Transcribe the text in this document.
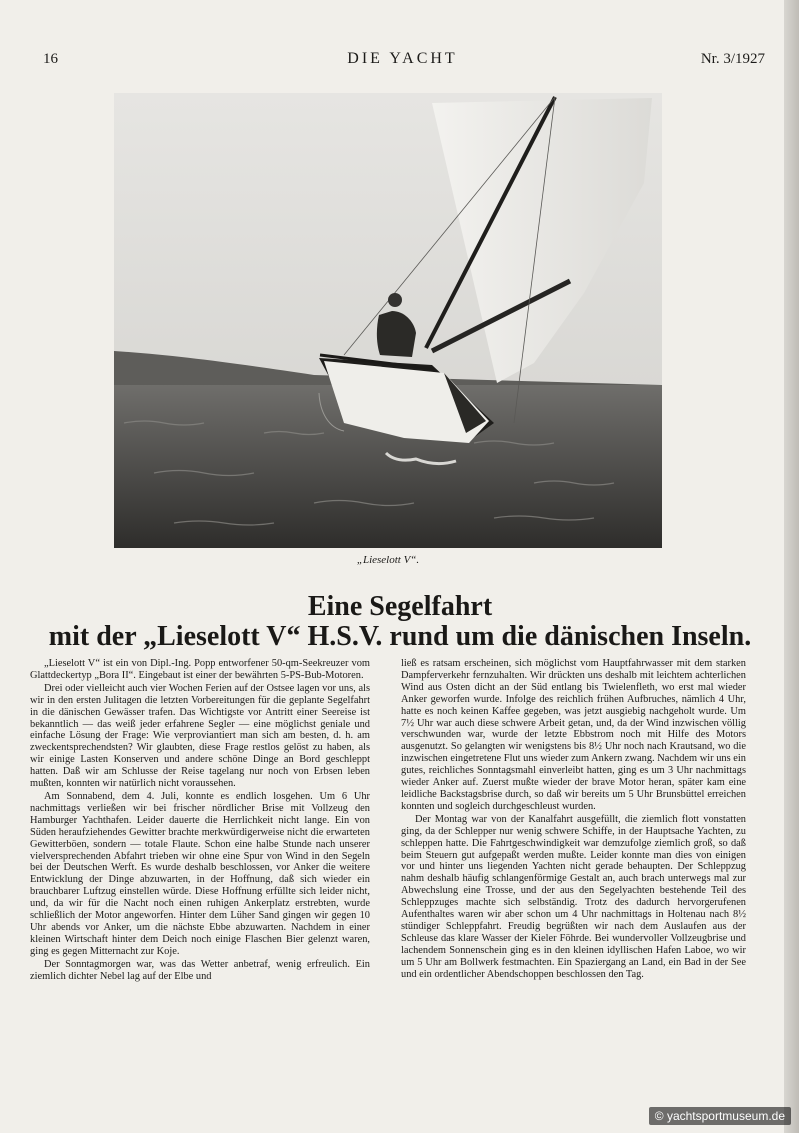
16	DIE YACHT	Nr. 3/1927
„Lieselott V“.
Eine Segelfahrt
mit der „Lieselott V“ H.S.V. rund um die dänischen Inseln.

„Lieselott V“ ist ein von Dipl.-Ing. Popp entworfener 50-qm-Seekreuzer vom Glattdeckertyp „Bora II“. Eingebaut ist einer der bewährten 5-PS-Bub-Motoren.

Drei oder vielleicht auch vier Wochen Ferien auf der Ostsee lagen vor uns, als wir in den ersten Julitagen die letzten Vorbereitungen für die geplante Segelfahrt in die dänischen Gewässer trafen. Das Wichtigste vor Antritt einer Seereise ist bekanntlich — das weiß jeder erfahrene Segler — eine möglichst geniale und einfache Lösung der Frage: Wie verproviantiert man sich am besten, d. h. am zweckentsprechendsten? Wir glaubten, diese Frage restlos gelöst zu haben, als wir einige Lasten Konserven und andere schöne Dinge an Bord geschleppt hatten. Daß wir am Schlusse der Reise tagelang nur noch von Erbsen leben mußten, konnten wir natürlich nicht voraussehen.

Am Sonnabend, dem 4. Juli, konnte es endlich losgehen. Um 6 Uhr nachmittags verließen wir bei frischer nördlicher Brise mit Vollzeug den Hamburger Yachthafen. Leider dauerte die Herrlichkeit nicht lange. Ein von Süden heraufziehendes Gewitter brachte merkwürdigerweise nicht die erwarteten Gewitterböen, sondern — totale Flaute. Schon eine halbe Stunde nach unserer vielversprechenden Abfahrt trieben wir ohne eine Spur von Wind in den Segeln bei der Deutschen Werft. Es wurde deshalb beschlossen, vor Anker die weitere Entwicklung der Dinge abzuwarten, in der Hoffnung, daß sich wieder ein brauchbarer Luftzug einstellen würde. Diese Hoffnung erfüllte sich leider nicht, und, da wir für die Nacht noch einen ruhigen Ankerplatz erstrebten, wurde schließlich der Motor angeworfen. Hinter dem Lüher Sand gingen wir gegen 10 Uhr abends vor Anker, um die nächste Ebbe abzuwarten. Nachdem in einer kleinen Wirtschaft hinter dem Deich noch einige Flaschen Bier gelenzt waren, ging es gegen Mitternacht zur Koje.

Der Sonntagmorgen war, was das Wetter anbetraf, wenig erfreulich. Ein ziemlich dichter Nebel lag auf der Elbe und

ließ es ratsam erscheinen, sich möglichst vom Hauptfahrwasser mit dem starken Dampferverkehr fernzuhalten. Wir drückten uns deshalb mit leichtem achterlichen Wind aus Osten dicht an der Süd entlang bis Twielenfleth, wo erst mal wieder Anker geworfen wurde. Infolge des reichlich frühen Aufbruches, nämlich 4 Uhr, hatte es noch keinen Kaffee gegeben, was jetzt ausgiebig nachgeholt wurde. Um 7½ Uhr war auch diese schwere Arbeit getan, und, da der Wind inzwischen völlig verschwunden war, wurde der letzte Ebbstrom noch mit Hilfe des Motors ausgenutzt. So gelangten wir wenigstens bis 8½ Uhr noch nach Krautsand, wo die inzwischen eingetretene Flut uns wieder zum Ankern zwang. Nachdem wir uns ein gutes, reichliches Sonntagsmahl einverleibt hatten, ging es um 3 Uhr nachmittags wieder Anker auf. Zuerst mußte wieder der brave Motor heran, später kam eine leidliche Backstagsbrise durch, so daß wir bereits um 5 Uhr Brunsbüttel erreichen konnten und sogleich durchgeschleust wurden.

Der Montag war von der Kanalfahrt ausgefüllt, die ziemlich flott vonstatten ging, da der Schlepper nur wenig schwere Schiffe, in der Hauptsache Yachten, zu schleppen hatte. Die Fahrtgeschwindigkeit war demzufolge ziemlich groß, so daß beim Steuern gut aufgepaßt werden mußte. Leider konnte man dies von einigen vor und hinter uns liegenden Yachten nicht gerade behaupten. Der Schleppzug nahm deshalb häufig schlangenförmige Gestalt an, auch brach unterwegs mal zur Abwechslung eine Trosse, und der aus den Segelyachten bestehende Teil des Schleppzuges machte sich selbständig. Trotz des dadurch hervorgerufenen Aufenthaltes waren wir aber schon um 4 Uhr nachmittags in Holtenau nach 8½ stündiger Schleppfahrt. Freudig begrüßten wir nach dem Auslaufen aus der Schleuse das klare Wasser der Kieler Föhrde. Bei wundervoller Vollzeugbrise und lachendem Sonnenschein ging es in den kleinen idyllischen Hafen Laboe, wo wir um 5 Uhr am Bollwerk festmachten. Ein Spaziergang an Land, ein Bad in der See und ein ordentlicher Abendschoppen beschlossen den Tag.

© yachtsportmuseum.de
